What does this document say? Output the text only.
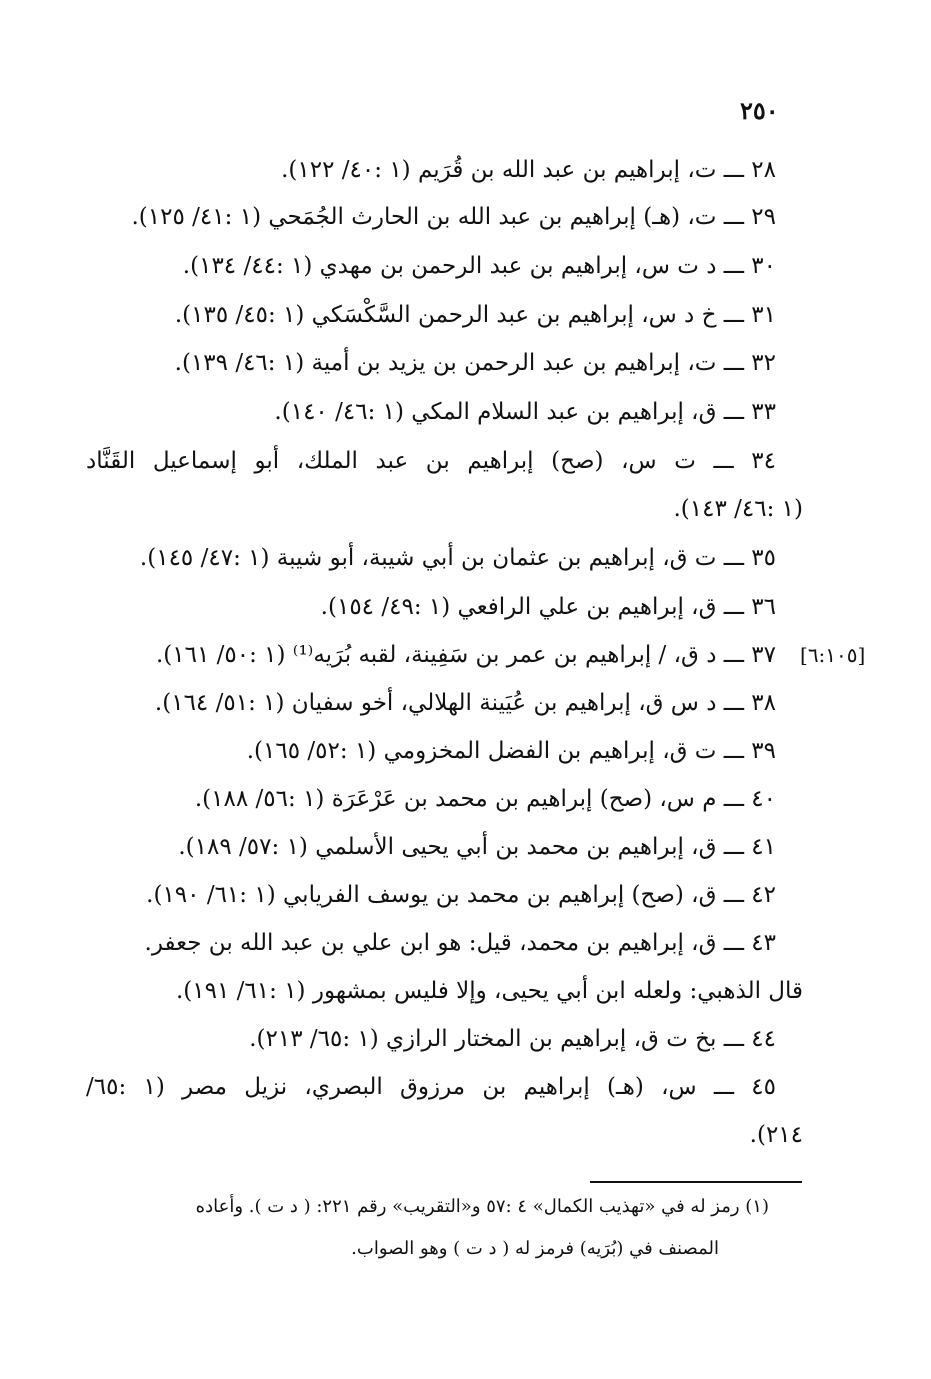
٢٥٠
[٦:١٠٥]
٢٨ ـــ ت، إبراهيم بن عبد الله بن قُرَيم (١ :٤٠/ ١٢٢).
٢٩ ـــ ت، (هـ) إبراهيم بن عبد الله بن الحارث الجُمَحي (١ :٤١/ ١٢٥).
٣٠ ـــ د ت س، إبراهيم بن عبد الرحمن بن مهدي (١ :٤٤/ ١٣٤).
٣١ ـــ خ د س، إبراهيم بن عبد الرحمن السَّكْسَكي (١ :٤٥/ ١٣٥).
٣٢ ـــ ت، إبراهيم بن عبد الرحمن بن يزيد بن أمية (١ :٤٦/ ١٣٩).
٣٣ ـــ ق، إبراهيم بن عبد السلام المكي (١ :٤٦/ ١٤٠).
٣٤ ـــ ت س، (صح) إبراهيم بن عبد الملك، أبو إسماعيل القَنَّاد
(١ :٤٦/ ١٤٣).
٣٥ ـــ ت ق، إبراهيم بن عثمان بن أبي شيبة، أبو شيبة (١ :٤٧/ ١٤٥).
٣٦ ـــ ق، إبراهيم بن علي الرافعي (١ :٤٩/ ١٥٤).
٣٧ ـــ د ق، / إبراهيم بن عمر بن سَفِينة، لقبه بُرَيه⁽¹⁾ (١ :٥٠/ ١٦١).
٣٨ ـــ د س ق، إبراهيم بن عُيَينة الهلالي، أخو سفيان (١ :٥١/ ١٦٤).
٣٩ ـــ ت ق، إبراهيم بن الفضل المخزومي (١ :٥٢/ ١٦٥).
٤٠ ـــ م س، (صح) إبراهيم بن محمد بن عَرْعَرَة (١ :٥٦/ ١٨٨).
٤١ ـــ ق، إبراهيم بن محمد بن أبي يحيى الأسلمي (١ :٥٧/ ١٨٩).
٤٢ ـــ ق، (صح) إبراهيم بن محمد بن يوسف الفريابي (١ :٦١/ ١٩٠).
٤٣ ـــ ق، إبراهيم بن محمد، قيل: هو ابن علي بن عبد الله بن جعفر.
قال الذهبي: ولعله ابن أبي يحيى، وإلا فليس بمشهور (١ :٦١/ ١٩١).
٤٤ ـــ بخ ت ق، إبراهيم بن المختار الرازي (١ :٦٥/ ٢١٣).
٤٥ ـــ س، (هـ) إبراهيم بن مرزوق البصري، نزيل مصر (١ :٦٥/
٢١٤).
(١) رمز له في «تهذيب الكمال» ٤ :٥٧ و«التقريب» رقم ٢٢١: ( د ت ). وأعاده
المصنف في (بُرَيه) فرمز له ( د ت ) وهو الصواب.
